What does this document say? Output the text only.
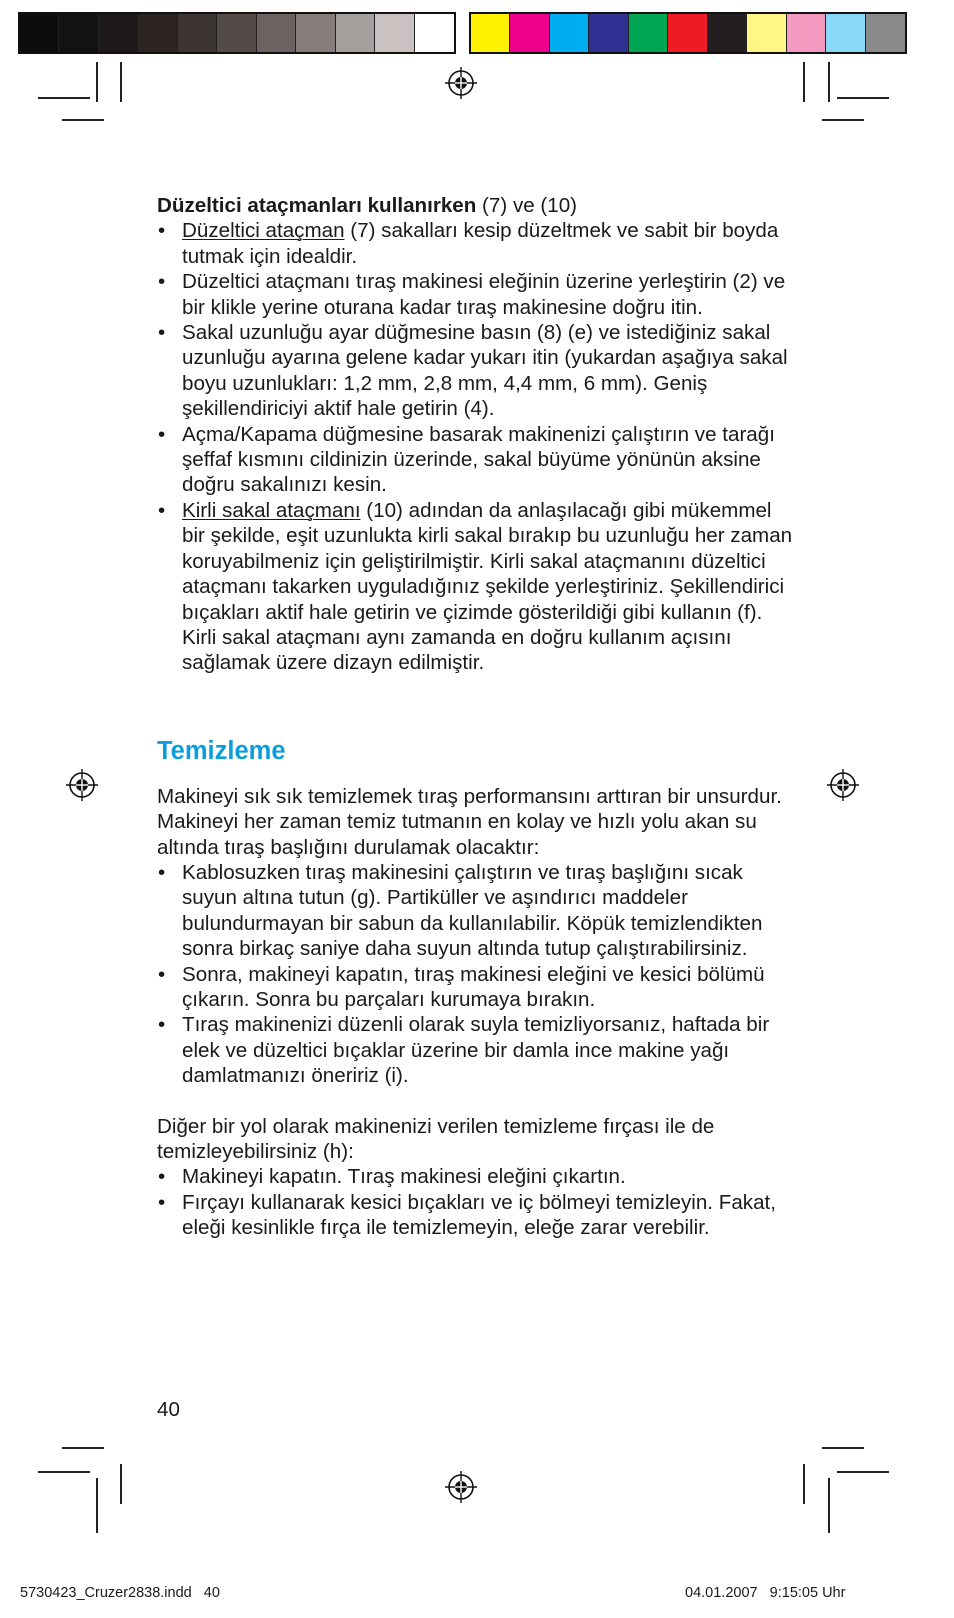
Düzeltici ataçmanları kullanırken (7) ve (10)

• Düzeltici ataçman (7) sakalları kesip düzeltmek ve sabit bir boyda tutmak için idealdir.
• Düzeltici ataçmanı tıraş makinesi eleğinin üzerine yerleştirin (2) ve bir klikle yerine oturana kadar tıraş makinesine doğru itin.
• Sakal uzunluğu ayar düğmesine basın (8) (e) ve istediğiniz sakal uzunluğu ayarına gelene kadar yukarı itin (yukardan aşağıya sakal boyu uzunlukları: 1,2 mm, 2,8 mm, 4,4 mm, 6 mm). Geniş şekillendiriciyi aktif hale getirin (4).
• Açma/Kapama düğmesine basarak makinenizi çalıştırın ve tarağı şeffaf kısmını cildinizin üzerinde, sakal büyüme yönünün aksine doğru sakalınızı kesin.
• Kirli sakal ataçmanı (10) adından da anlaşılacağı gibi mükemmel bir şekilde, eşit uzunlukta kirli sakal bırakıp bu uzunluğu her zaman koruyabilmeniz için geliştirilmiştir. Kirli sakal ataçmanını düzeltici ataçmanı takarken uyguladığınız şekilde yerleştiriniz. Şekillendirici bıçakları aktif hale getirin ve çizimde gösterildiği gibi kullanın (f). Kirli sakal ataçmanı aynı zamanda en doğru kullanım açısını sağlamak üzere dizayn edilmiştir.
Temizleme

Makineyi sık sık temizlemek tıraş performansını arttıran bir unsurdur.

Makineyi her zaman temiz tutmanın en kolay ve hızlı yolu akan su altında tıraş başlığını durulamak olacaktır:

• Kablosuzken tıraş makinesini çalıştırın ve tıraş başlığını sıcak suyun altına tutun (g). Partiküller ve aşındırıcı maddeler bulundurmayan bir sabun da kullanılabilir. Köpük temizlendikten sonra birkaç saniye daha suyun altında tutup çalıştırabilirsiniz.
• Sonra, makineyi kapatın, tıraş makinesi eleğini ve kesici bölümü çıkarın. Sonra bu parçaları kurumaya bırakın.
• Tıraş makinenizi düzenli olarak suyla temizliyorsanız, haftada bir elek ve düzeltici bıçaklar üzerine bir damla ince makine yağı damlatmanızı öneririz (i).

Diğer bir yol olarak makinenizi verilen temizleme fırçası ile de temizleyebilirsiniz (h):

• Makineyi kapatın. Tıraş makinesi eleğini çıkartın.
• Fırçayı kullanarak kesici bıçakları ve iç bölmeyi temizleyin. Fakat, eleği kesinlikle fırça ile temizlemeyin, eleğe zarar verebilir.
40
5730423_Cruzer2838.indd   40	04.01.2007   9:15:05 Uhr
